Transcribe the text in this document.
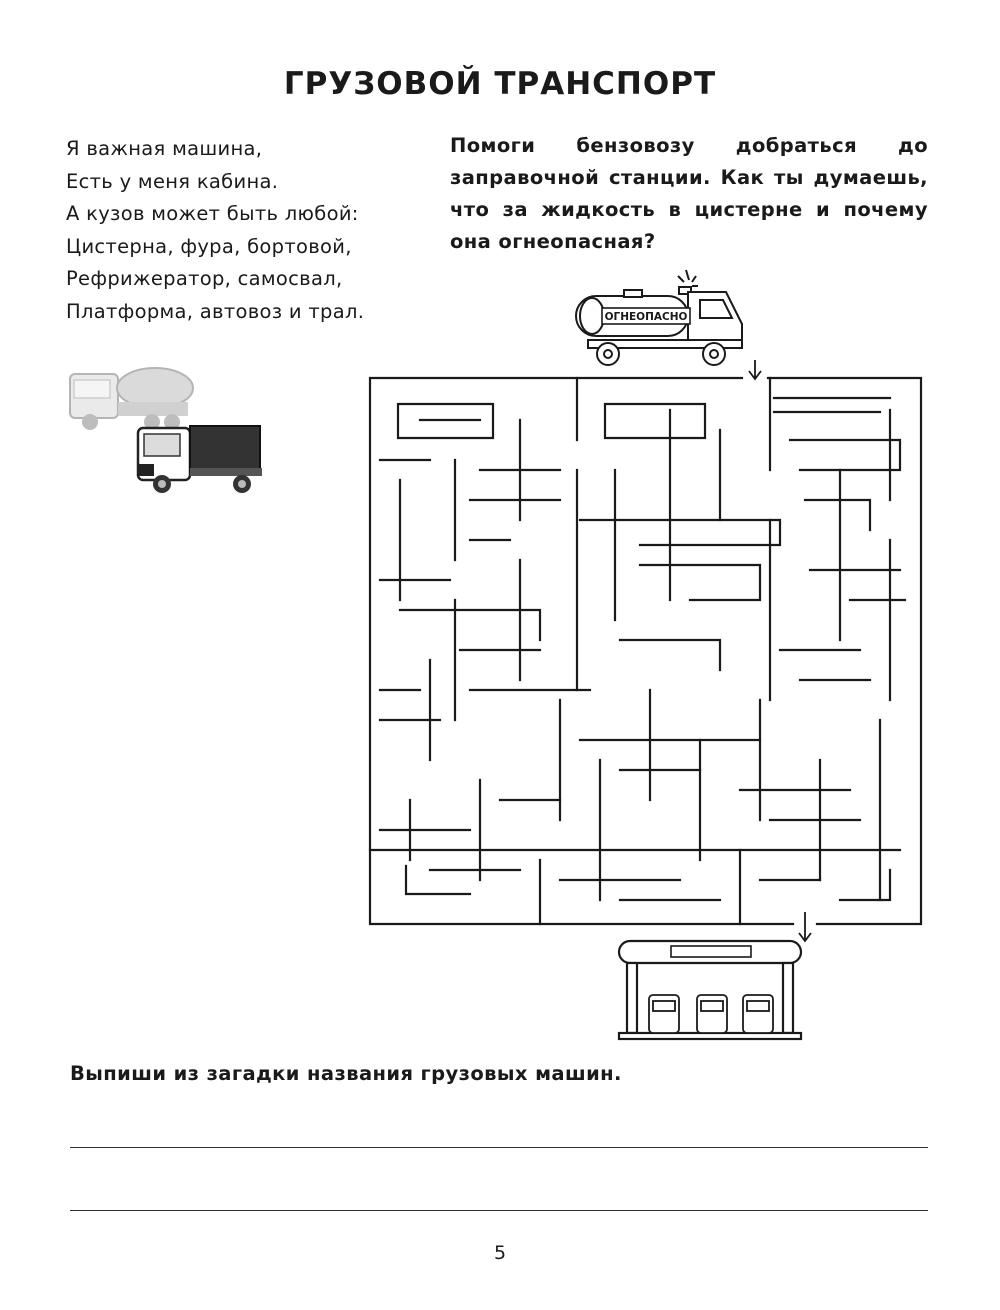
ГРУЗОВОЙ ТРАНСПОРТ
Я важная машина,
Есть у меня кабина.
А кузов может быть любой:
Цистерна, фура, бортовой,
Рефрижератор, самосвал,
Платформа, автовоз и трал.
Помоги бензовозу добраться до заправочной станции. Как ты думаешь, что за жидкость в цистерне и почему она огнеопасная?
ОГНЕОПАСНО
Выпиши из загадки названия грузовых машин.
5
